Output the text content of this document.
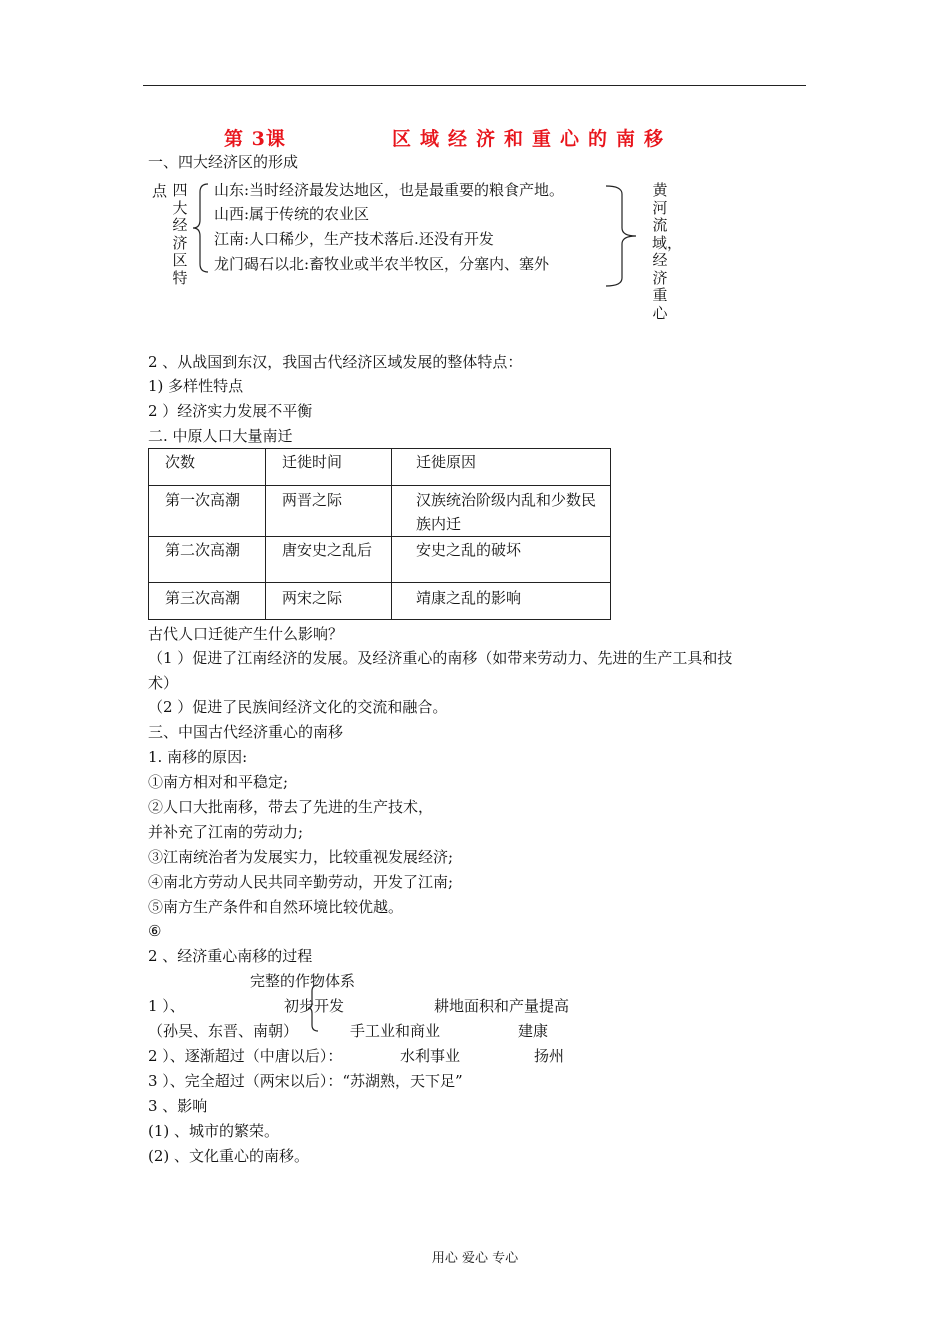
第 3课	区域经济和重心的南移
一、四大经济区的形成
点 四大经济区特
山东:当时经济最发达地区，也是最重要的粮食产地。
山西:属于传统的农业区
江南:人口稀少，生产技术落后.还没有开发
龙门碣石以北:畜牧业或半农半牧区，分塞内、塞外
黄河流域，经济重心
2 、从战国到东汉，我国古代经济区域发展的整体特点：
1) 多样性特点
2 ）经济实力发展不平衡
二. 中原人口大量南迁
次数	迁徙时间	迁徙原因

第一次高潮	两晋之际	汉族统治阶级内乱和少数民族内迁

第二次高潮	唐安史之乱后	安史之乱的破坏

第三次高潮	两宋之际	靖康之乱的影响
古代人口迁徙产生什么影响？
（1 ）促进了江南经济的发展。及经济重心的南移（如带来劳动力、先进的生产工具和技
术）
（2 ）促进了民族间经济文化的交流和融合。
三、中国古代经济重心的南移
1. 南移的原因:
①南方相对和平稳定;
②人口大批南移，带去了先进的生产技术，
并补充了江南的劳动力;
③江南统治者为发展实力，比较重视发展经济;
④南北方劳动人民共同辛勤劳动，开发了江南;
⑤南方生产条件和自然环境比较优越。
⑥
2 、经济重心南移的过程
完整的作物体系
1 ）、	初步开发	耕地面积和产量提高
（孙吴、东晋、南朝）	手工业和商业	建康
2 ）、逐渐超过（中唐以后）：	水利事业	扬州
3 ）、完全超过（两宋以后）：“苏湖熟，天下足”
3 、影响
(1) 、城市的繁荣。
(2) 、文化重心的南移。
用心 爱心 专心
